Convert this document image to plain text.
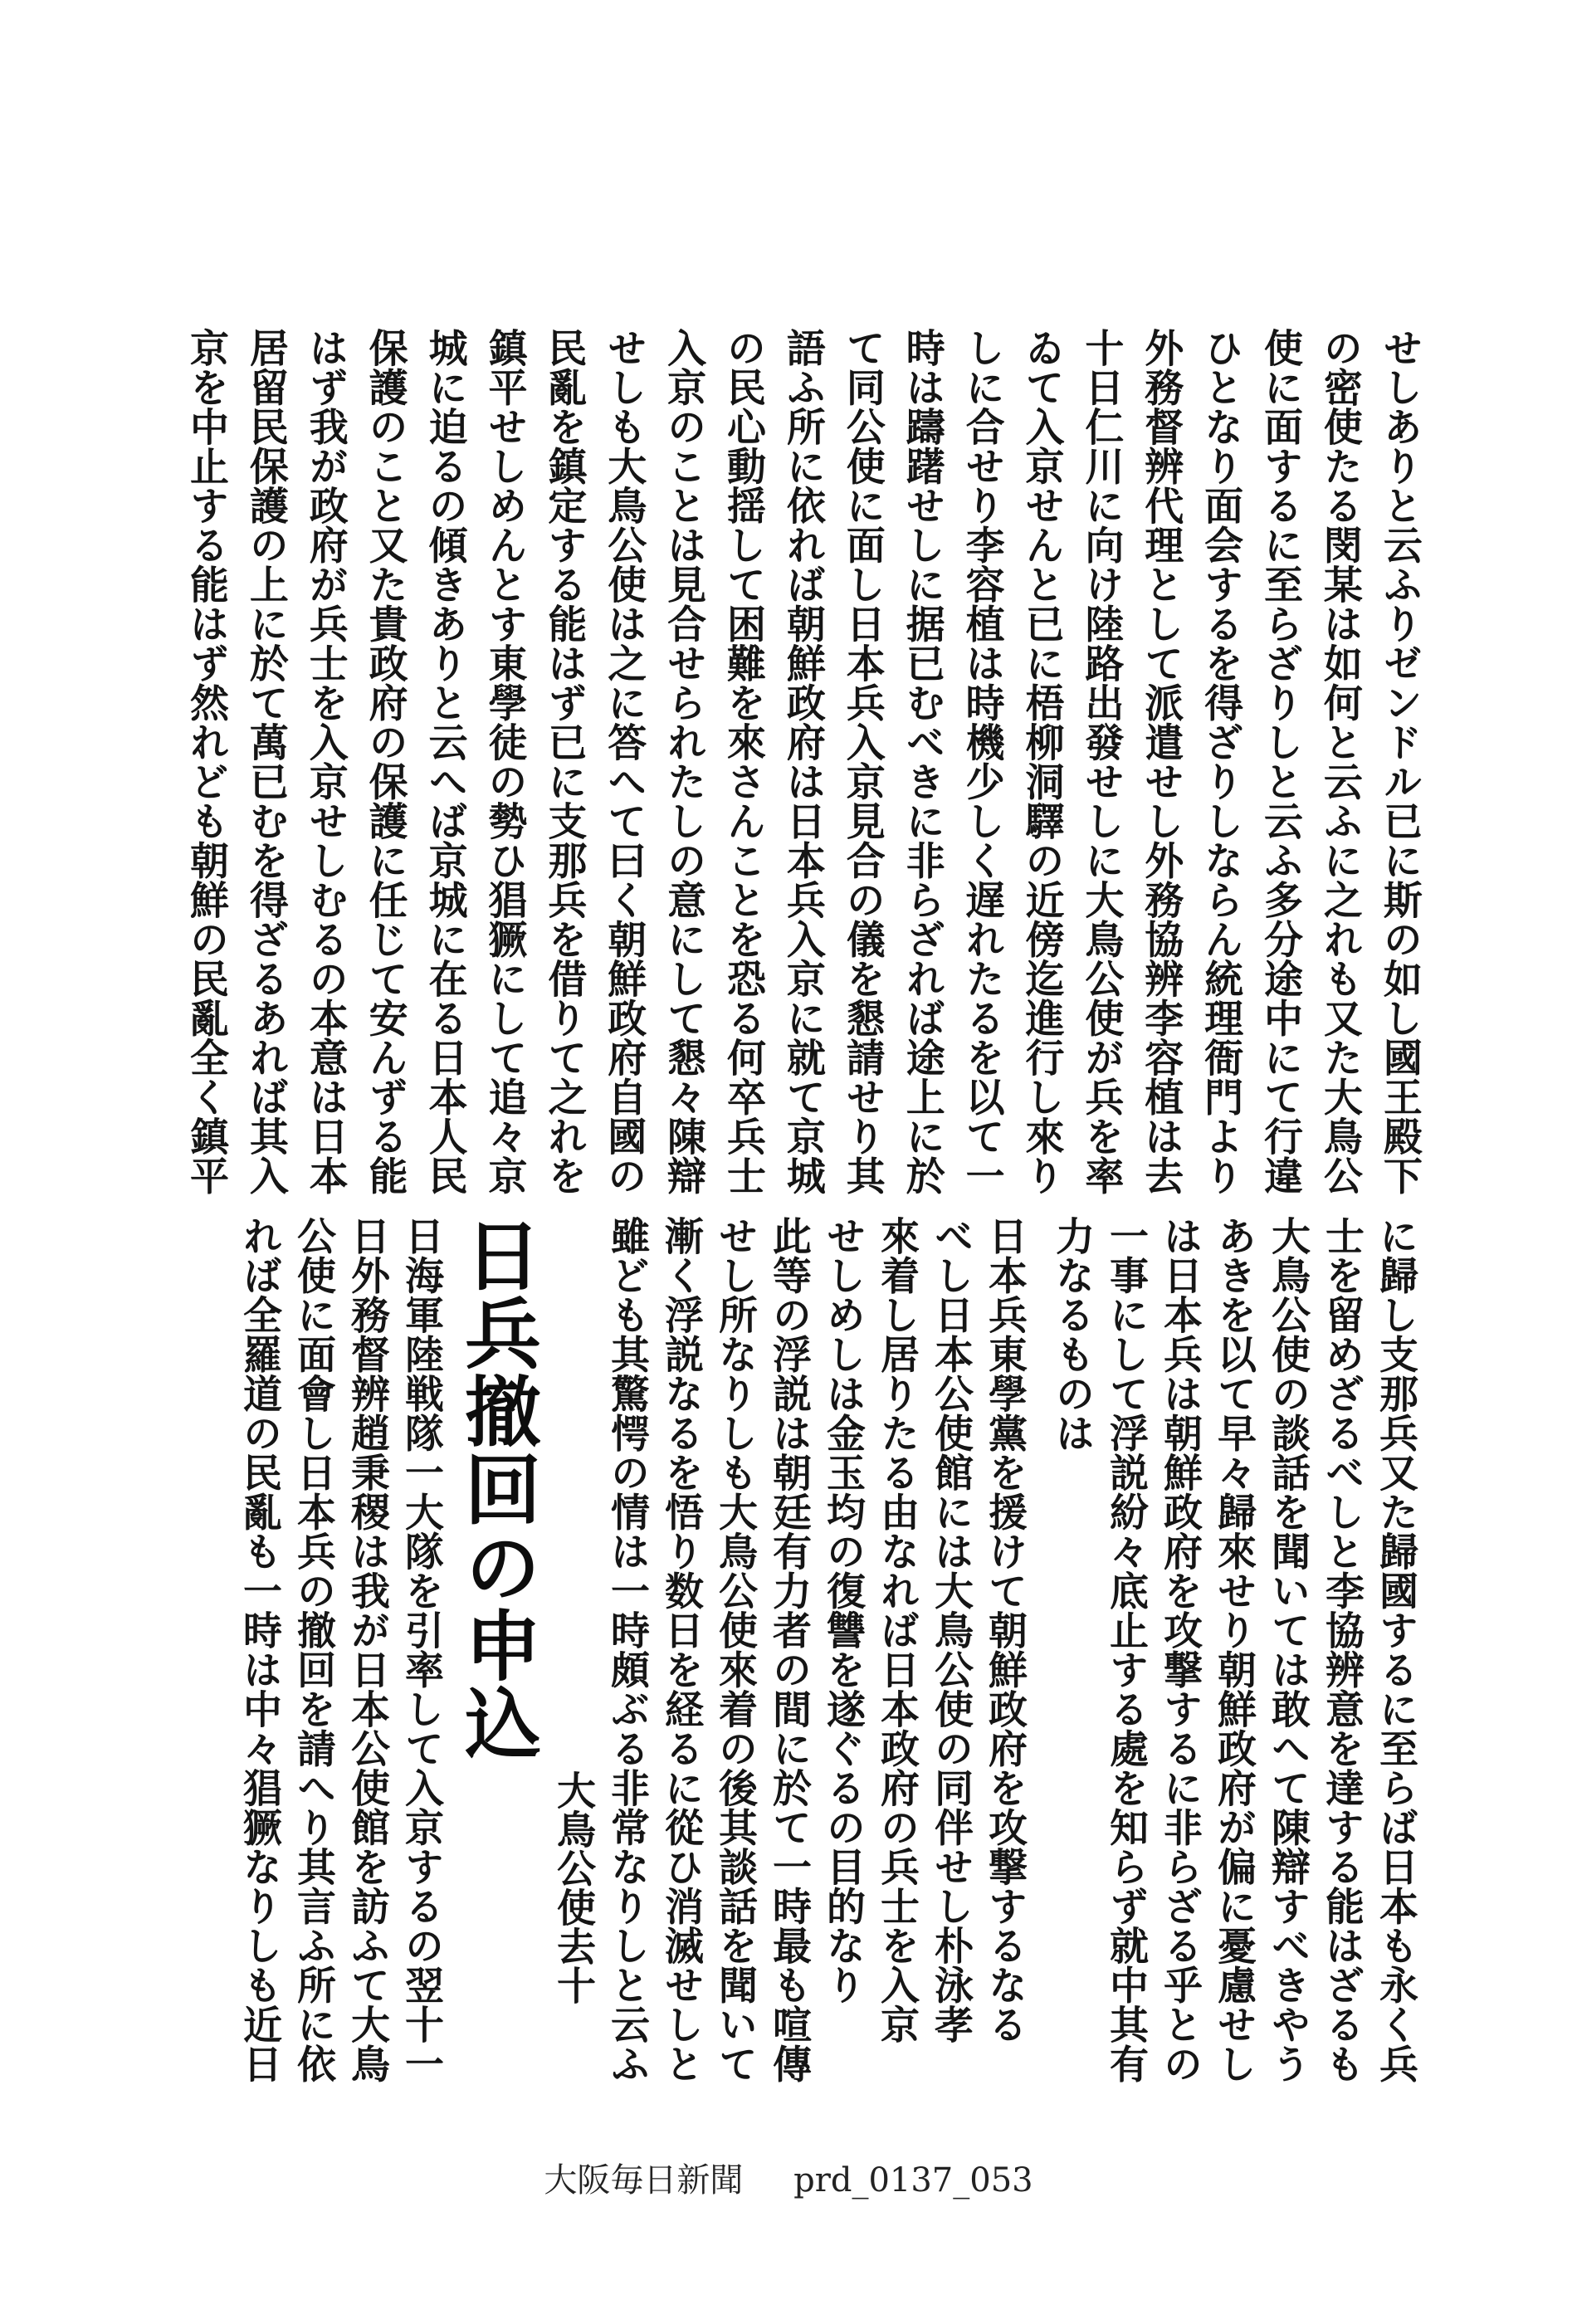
せしありと云ふりゼンドル已に斯の如し國王殿下
の密使たる閔某は如何と云ふに之れも又た大鳥公
使に面するに至らざりしと云ふ多分途中にて行違
ひとなり面会するを得ざりしならん統理衙門より
外務督辨代理として派遣せし外務協辨李容植は去
十日仁川に向け陸路出發せしに大鳥公使が兵を率
ゐて入京せんと已に梧柳洞驛の近傍迄進行し來り
しに合せり李容植は時機少しく遅れたるを以て一
時は躊躇せしに据已むべきに非らざれば途上に於
て同公使に面し日本兵入京見合の儀を懇請せり其
語ふ所に依れば朝鮮政府は日本兵入京に就て京城
の民心動揺して困難を來さんことを恐る何卒兵士
入京のことは見合せられたしの意にして懇々陳辯
せしも大鳥公使は之に答へて曰く朝鮮政府自國の
民亂を鎮定する能はず已に支那兵を借りて之れを
鎮平せしめんとす東學徒の勢ひ猖獗にして追々京
城に迫るの傾きありと云へば京城に在る日本人民
保護のこと又た貴政府の保護に任じて安んずる能
はず我が政府が兵士を入京せしむるの本意は日本
居留民保護の上に於て萬已むを得ざるあれば其入
京を中止する能はず然れども朝鮮の民亂全く鎮平
に歸し支那兵又た歸國するに至らば日本も永く兵
士を留めざるべしと李協辨意を達する能はざるも
大鳥公使の談話を聞いては敢へて陳辯すべきやう
あきを以て早々歸來せり朝鮮政府が偏に憂慮せし
は日本兵は朝鮮政府を攻撃するに非らざる乎との
一事にして浮説紛々底止する處を知らず就中其有
力なるものは
日本兵東學黨を援けて朝鮮政府を攻撃するなる
べし日本公使館には大鳥公使の同伴せし朴泳孝
來着し居りたる由なれば日本政府の兵士を入京
せしめしは金玉均の復讐を遂ぐるの目的なり
此等の浮説は朝廷有力者の間に於て一時最も喧傳
せし所なりしも大鳥公使來着の後其談話を聞いて
漸く浮説なるを悟り数日を経るに從ひ消滅せしと
雖ども其驚愕の情は一時頗ぶる非常なりしと云ふ
大鳥公使去十
日兵撤回の申込
日海軍陸戦隊一大隊を引率して入京するの翌十一
日外務督辨趙秉稷は我が日本公使館を訪ふて大鳥
公使に面會し日本兵の撤回を請へり其言ふ所に依
れば全羅道の民亂も一時は中々猖獗なりしも近日
大阪毎日新聞 prd_0137_053
